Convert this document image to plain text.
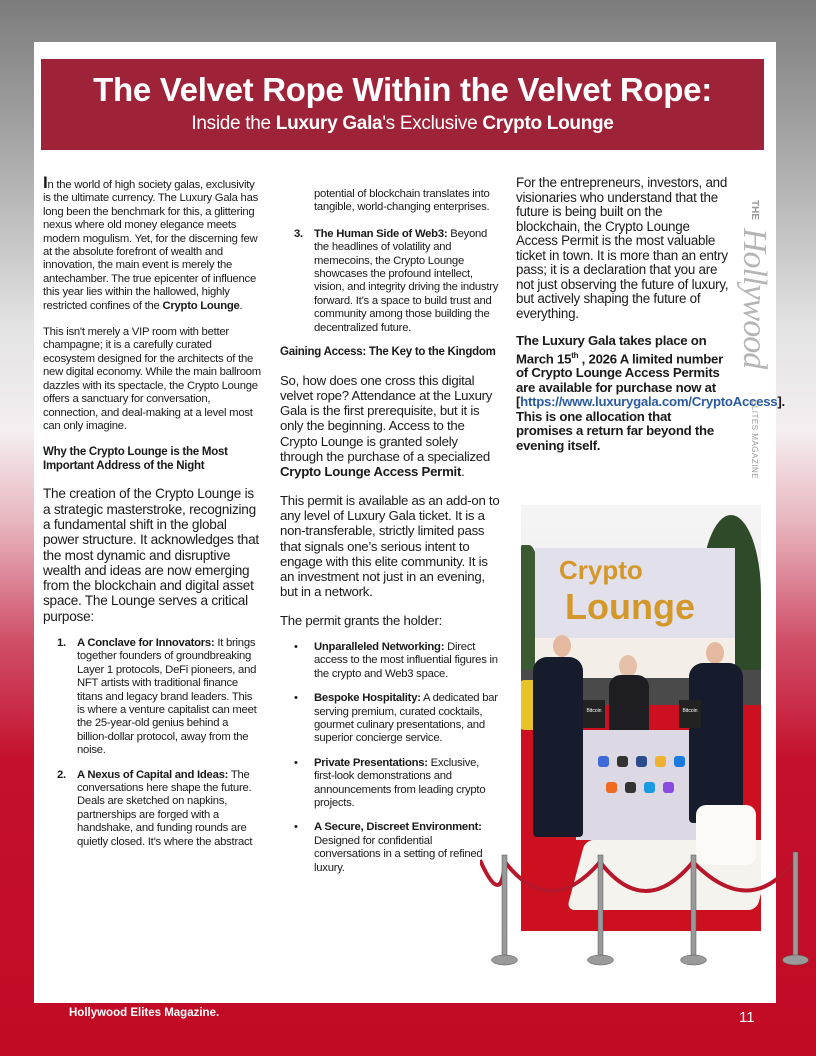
The Velvet Rope Within the Velvet Rope:
Inside the Luxury Gala's Exclusive Crypto Lounge

In the world of high society galas, exclusivity is the ultimate currency. The Luxury Gala has long been the benchmark for this, a glittering nexus where old money elegance meets modern mogulism. Yet, for the discerning few at the absolute forefront of wealth and innovation, the main event is merely the antechamber. The true epicenter of influence this year lies within the hallowed, highly restricted confines of the Crypto Lounge.

This isn't merely a VIP room with better champagne; it is a carefully curated ecosystem designed for the architects of the new digital economy. While the main ballroom dazzles with its spectacle, the Crypto Lounge offers a sanctuary for conversation, connection, and deal-making at a level most can only imagine.

Why the Crypto Lounge is the Most Important Address of the Night

The creation of the Crypto Lounge is a strategic masterstroke, recognizing a fundamental shift in the global power structure. It acknowledges that the most dynamic and disruptive wealth and ideas are now emerging from the blockchain and digital asset space. The Lounge serves a critical purpose:

1. A Conclave for Innovators: It brings together founders of groundbreaking Layer 1 protocols, DeFi pioneers, and NFT artists with traditional finance titans and legacy brand leaders. This is where a venture capitalist can meet the 25-year-old genius behind a billion-dollar protocol, away from the noise.
2. A Nexus of Capital and Ideas: The conversations here shape the future. Deals are sketched on napkins, partnerships are forged with a handshake, and funding rounds are quietly closed. It’s where the abstract

potential of blockchain translates into tangible, world-changing enterprises.

3. The Human Side of Web3: Beyond the headlines of volatility and memecoins, the Crypto Lounge showcases the profound intellect, vision, and integrity driving the industry forward. It’s a space to build trust and community among those building the decentralized future.

Gaining Access: The Key to the Kingdom

So, how does one cross this digital velvet rope? Attendance at the Luxury Gala is the first prerequisite, but it is only the beginning. Access to the Crypto Lounge is granted solely through the purchase of a specialized Crypto Lounge Access Permit.

This permit is available as an add-on to any level of Luxury Gala ticket. It is a non-transferable, strictly limited pass that signals one’s serious intent to engage with this elite community. It is an investment not just in an evening, but in a network.

The permit grants the holder:

• Unparalleled Networking: Direct access to the most influential figures in the crypto and Web3 space.
• Bespoke Hospitality: A dedicated bar serving premium, curated cocktails, gourmet culinary presentations, and superior concierge service.
• Private Presentations: Exclusive, first-look demonstrations and announcements from leading crypto projects.
• A Secure, Discreet Environment: Designed for confidential conversations in a setting of refined luxury.
THE
Hollywood
ELITES MAGAZINE

For the entrepreneurs, investors, and visionaries who understand that the future is being built on the blockchain, the Crypto Lounge Access Permit is the most valuable ticket in town. It is more than an entry pass; it is a declaration that you are not just observing the future of luxury, but actively shaping the future of everything.

The Luxury Gala takes place on March 15th , 2026 A limited number of Crypto Lounge Access Permits are available for purchase now at [https://www.luxurygala.com/CryptoAccess]. This is one allocation that promises a return far beyond the evening itself.

Crypto
Lounge
Bitcoin	Bitcoin
Hollywood Elites Magazine.	11
